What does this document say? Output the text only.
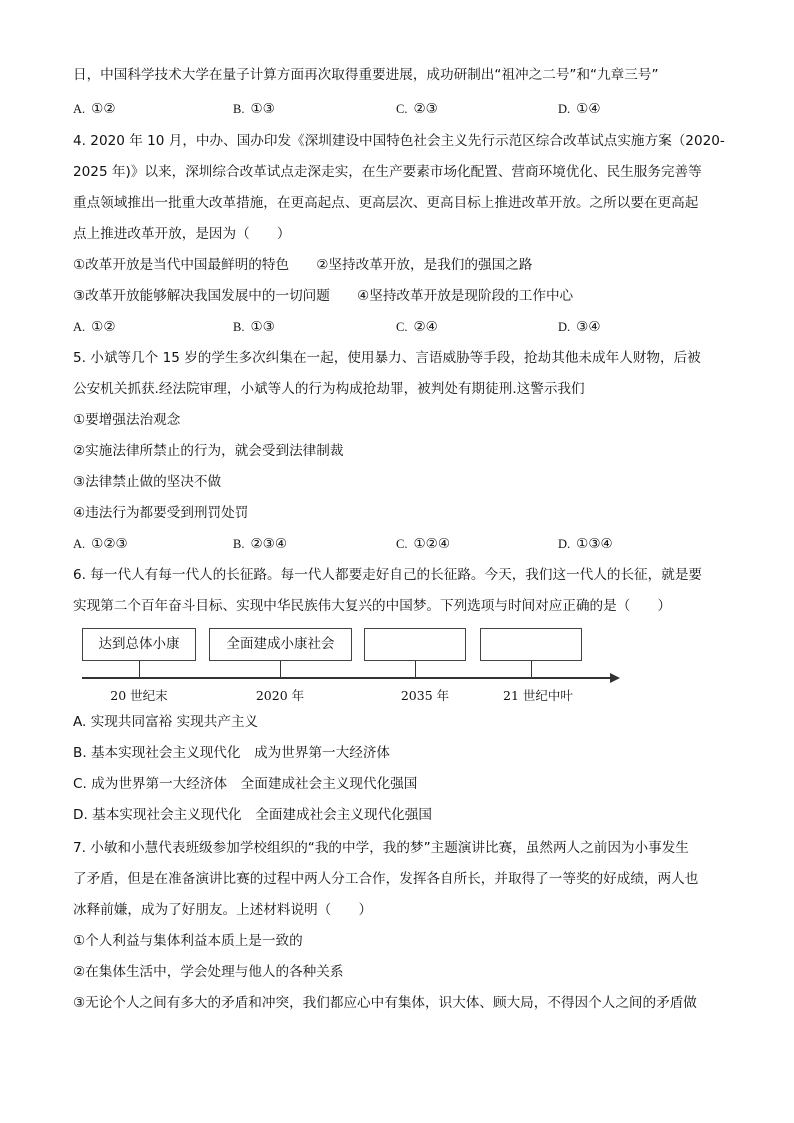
日，中国科学技术大学在量子计算方面再次取得重要进展，成功研制出“祖冲之二号”和“九章三号”
A. ①②	B. ①③	C. ②③	D. ①④
4. 2020 年 10 月，中办、国办印发《深圳建设中国特色社会主义先行示范区综合改革试点实施方案（2020-
2025 年)》以来，深圳综合改革试点走深走实，在生产要素市场化配置、营商环境优化、民生服务完善等
重点领域推出一批重大改革措施，在更高起点、更高层次、更高目标上推进改革开放。之所以要在更高起
点上推进改革开放，是因为（　　）
①改革开放是当代中国最鲜明的特色　　②坚持改革开放，是我们的强国之路
③改革开放能够解决我国发展中的一切问题　　④坚持改革开放是现阶段的工作中心
A. ①②	B. ①③	C. ②④	D. ③④
5. 小斌等几个 15 岁的学生多次纠集在一起，使用暴力、言语威胁等手段，抢劫其他未成年人财物，后被
公安机关抓获.经法院审理，小斌等人的行为构成抢劫罪，被判处有期徒刑.这警示我们
①要增强法治观念
②实施法律所禁止的行为，就会受到法律制裁
③法律禁止做的坚决不做
④违法行为都要受到刑罚处罚
A. ①②③	B. ②③④	C. ①②④	D. ①③④
6. 每一代人有每一代人的长征路。每一代人都要走好自己的长征路。今天，我们这一代人的长征，就是要
实现第二个百年奋斗目标、实现中华民族伟大复兴的中国梦。下列选项与时间对应正确的是（　　）
达到总体小康	全面建成小康社会
20 世纪末	2020 年	2035 年	21 世纪中叶
A. 实现共同富裕 实现共产主义
B. 基本实现社会主义现代化　成为世界第一大经济体
C. 成为世界第一大经济体　全面建成社会主义现代化强国
D. 基本实现社会主义现代化　全面建成社会主义现代化强国
7. 小敏和小慧代表班级参加学校组织的“我的中学，我的梦”主题演讲比赛，虽然两人之前因为小事发生
了矛盾，但是在准备演讲比赛的过程中两人分工合作，发挥各自所长，并取得了一等奖的好成绩，两人也
冰释前嫌，成为了好朋友。上述材料说明（　　）
①个人利益与集体利益本质上是一致的
②在集体生活中，学会处理与他人的各种关系
③无论个人之间有多大的矛盾和冲突，我们都应心中有集体，识大体、顾大局，不得因个人之间的矛盾做
